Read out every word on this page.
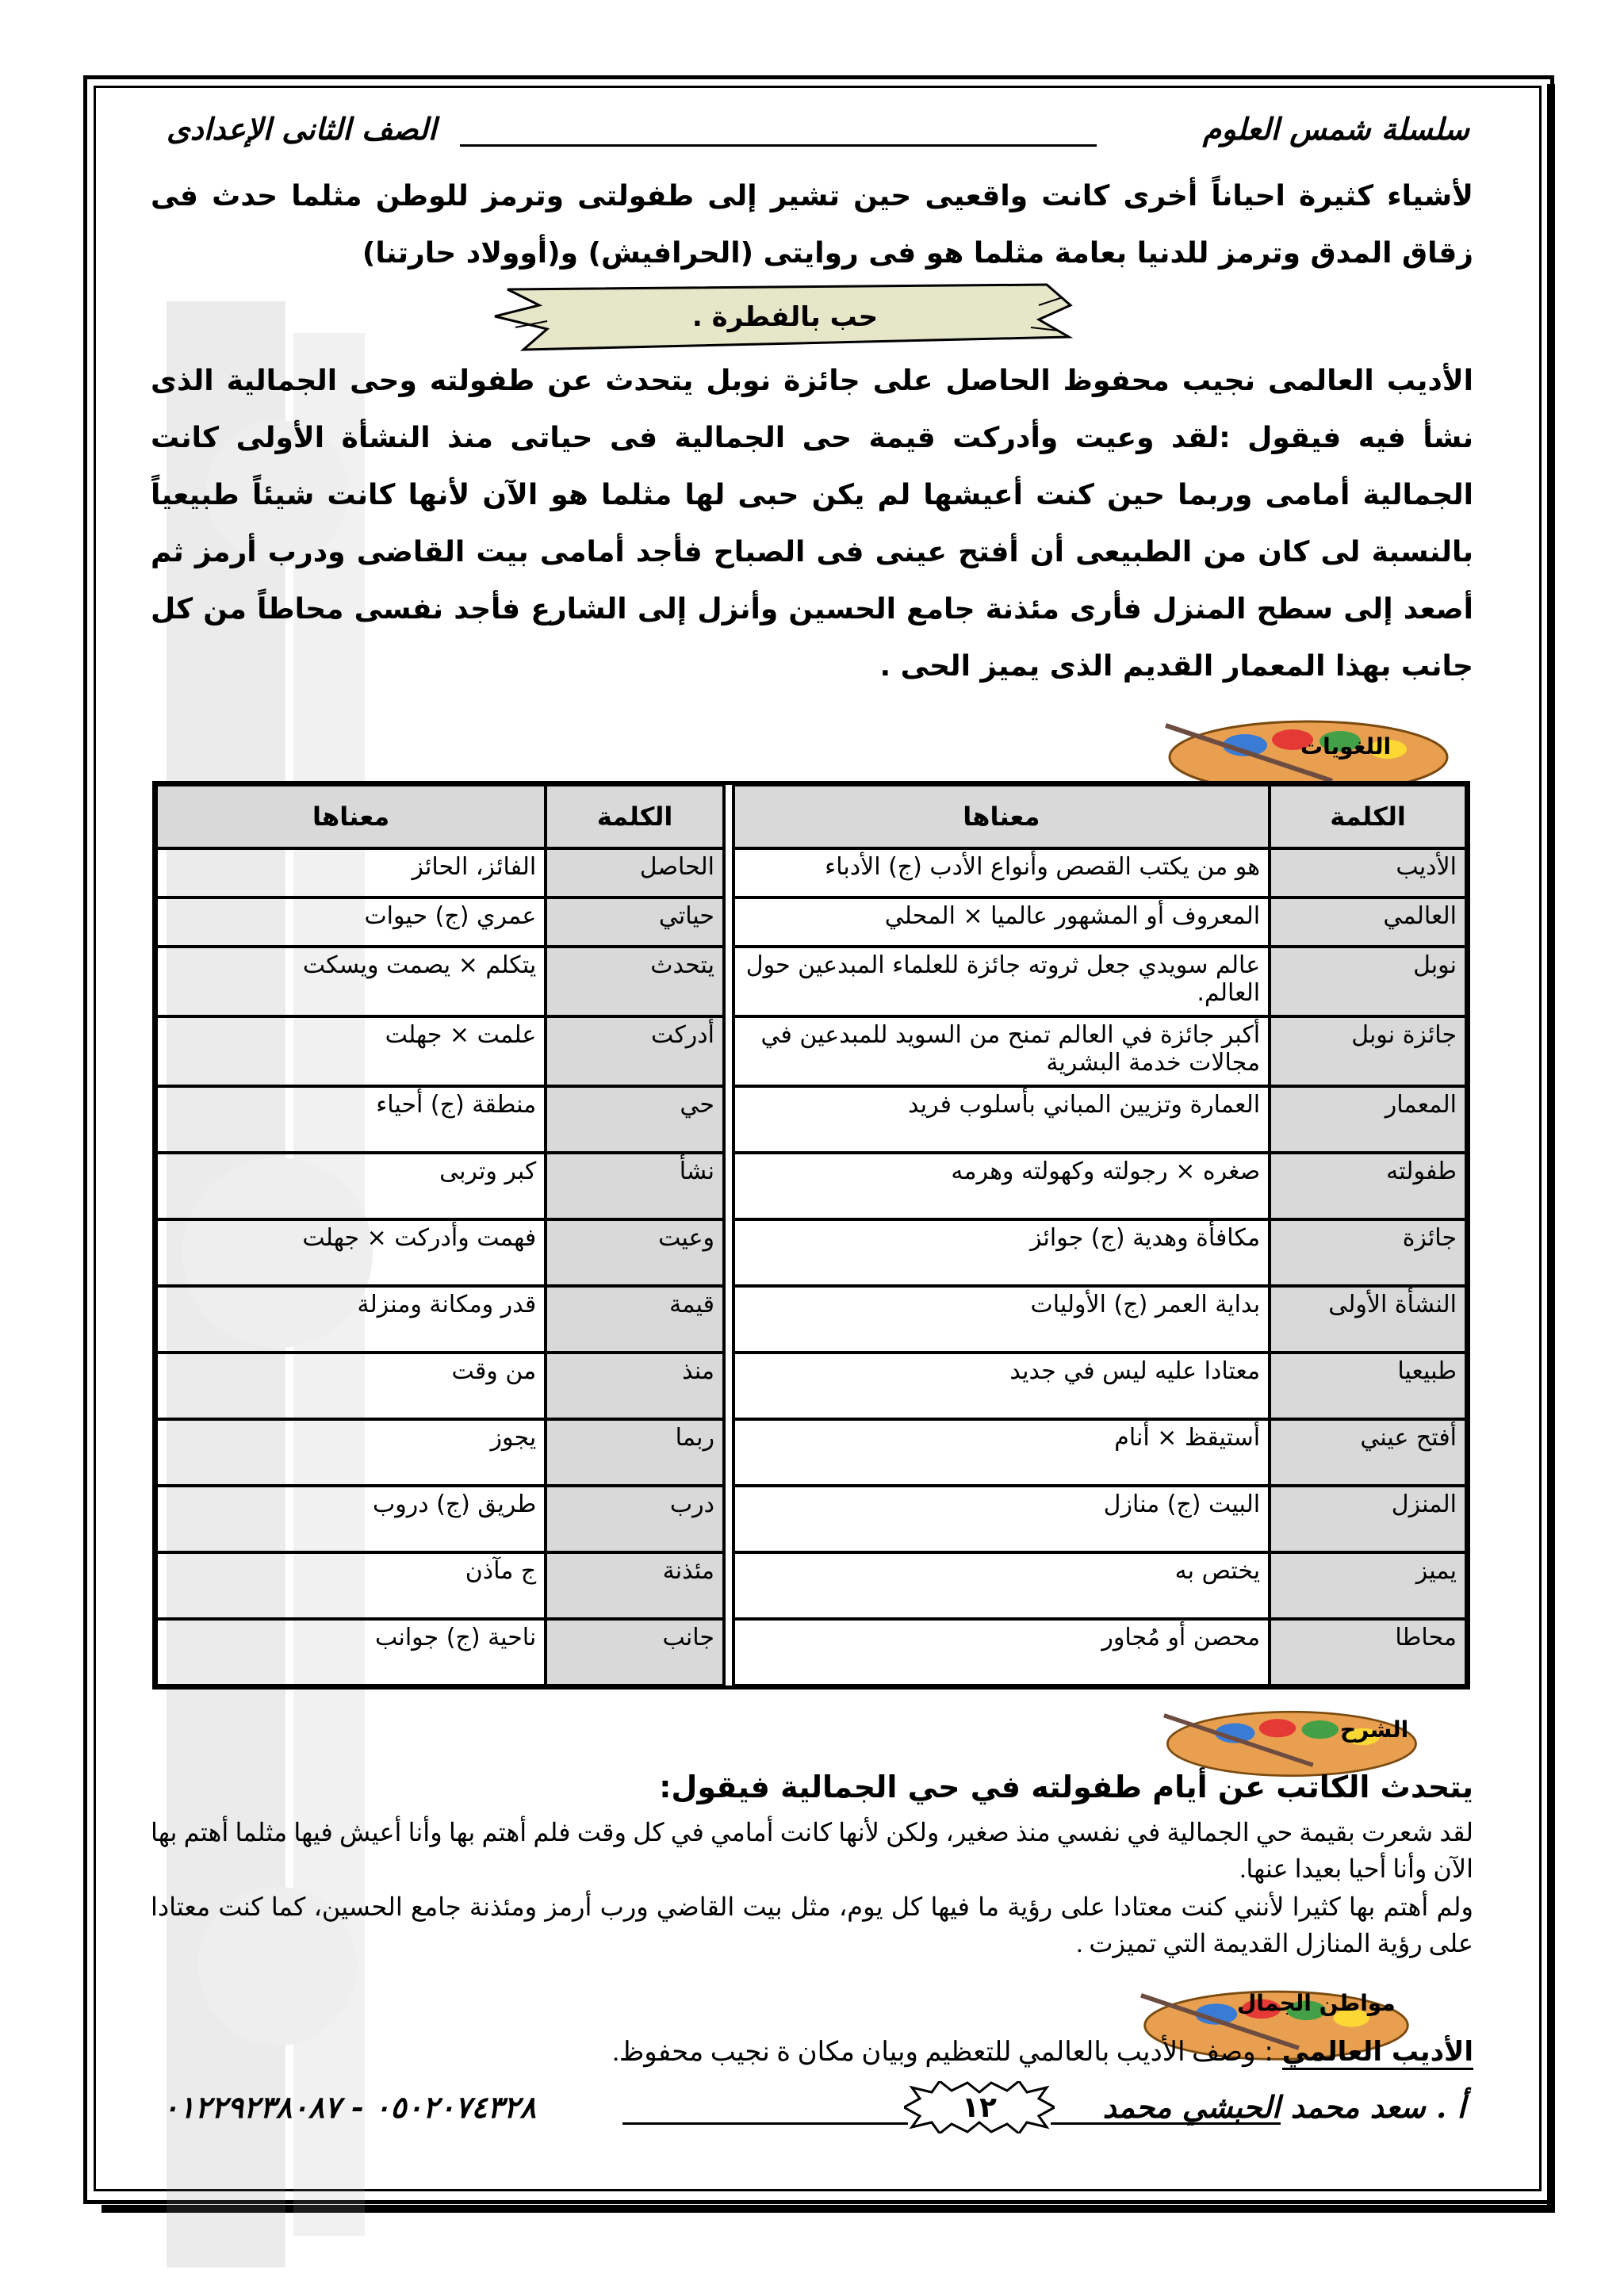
سلسلة شمس العلوم
الصف الثانى الإعدادى
لأشياء كثيرة احياناً أخرى كانت واقعيى حين تشير إلى طفولتى وترمز للوطن مثلما حدث فى زقاق المدق وترمز للدنيا بعامة مثلما هو فى روايتى (الحرافيش) و(أوولاد حارتنا)
حب بالفطرة .
الأديب العالمى نجيب محفوظ الحاصل على جائزة نوبل يتحدث عن طفولته وحى الجمالية الذى نشأ فيه فيقول :لقد وعيت وأدركت قيمة حى الجمالية فى حياتى منذ النشأة الأولى كانت الجمالية أمامى وربما حين كنت أعيشها لم يكن حبى لها مثلما هو الآن لأنها كانت شيئاً طبيعياً بالنسبة لى كان من الطبيعى أن أفتح عينى فى الصباح فأجد أمامى بيت القاضى ودرب أرمز ثم أصعد إلى سطح المنزل فأرى مئذنة جامع الحسين وأنزل إلى الشارع فأجد نفسى محاطاً من كل جانب بهذا المعمار القديم الذى يميز الحى .
اللغويات
الكلمة	معناها		الكلمة	معناها
الأديب	هو من يكتب القصص وأنواع الأدب (ج) الأدباء		الحاصل	الفائز، الحائز
العالمي	المعروف أو المشهور عالميا × المحلي		حياتي	عمري (ج) حيوات
نوبل	عالم سويدي جعل ثروته جائزة للعلماء المبدعين حول العالم.		يتحدث	يتكلم × يصمت ويسكت
جائزة نوبل	أكبر جائزة في العالم تمنح من السويد للمبدعين في مجالات خدمة البشرية		أدركت	علمت × جهلت
المعمار	العمارة وتزيين المباني بأسلوب فريد		حي	منطقة (ج) أحياء
طفولته	صغره × رجولته وكهولته وهرمه		نشأ	كبر وتربى
جائزة	مكافأة وهدية (ج) جوائز		وعيت	فهمت وأدركت × جهلت
النشأة الأولى	بداية العمر (ج) الأوليات		قيمة	قدر ومكانة ومنزلة
طبيعيا	معتادا عليه ليس في جديد		منذ	من وقت
أفتح عيني	أستيقظ × أنام		ربما	يجوز
المنزل	البيت (ج) منازل		درب	طريق (ج) دروب
يميز	يختص به		مئذنة	ج مآذن
محاطا	محصن أو مُجاور		جانب	ناحية (ج) جوانب
الشرح
يتحدث الكاتب عن أيام طفولته في حي الجمالية فيقول:
لقد شعرت بقيمة حي الجمالية في نفسي منذ صغير، ولكن لأنها كانت أمامي في كل وقت فلم أهتم بها وأنا أعيش فيها مثلما أهتم بها الآن وأنا أحيا بعيدا عنها.
ولم أهتم بها كثيرا لأنني كنت معتادا على رؤية ما فيها كل يوم، مثل بيت القاضي ورب أرمز ومئذنة جامع الحسين، كما كنت معتادا على رؤية المنازل القديمة التي تميزت .
مواطن الجمال
الأديب العالمي : وصف الأديب بالعالمي للتعظيم وبيان مكان ة نجيب محفوظ.
أ . سعد محمد الحبشي محمد
١٢
٠٥٠٢٠٧٤٣٢٨ - ٠١٢٢٩٢٣٨٠٨٧
